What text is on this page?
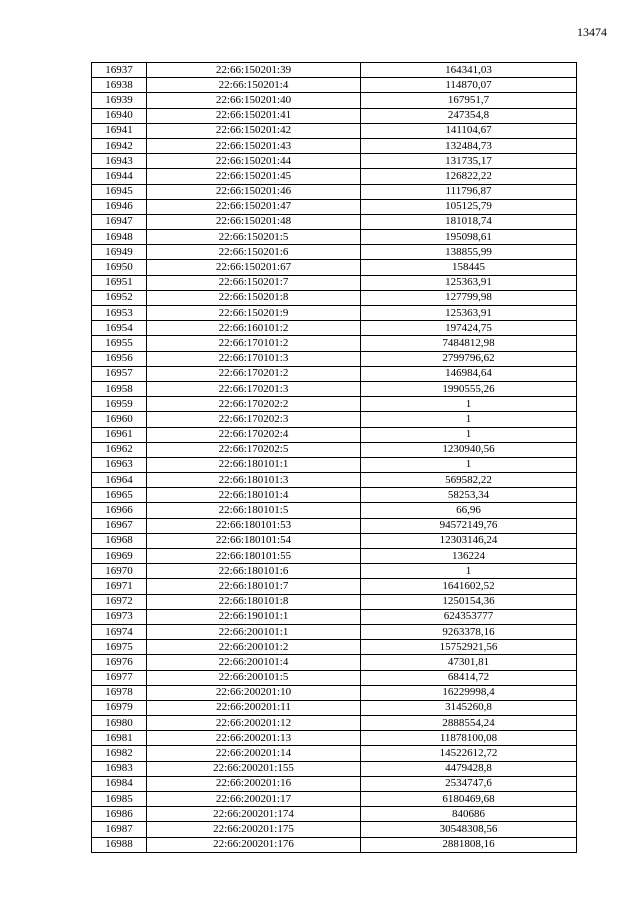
13474
16937	22:66:150201:39	164341,03
16938	22:66:150201:4	114870,07
16939	22:66:150201:40	167951,7
16940	22:66:150201:41	247354,8
16941	22:66:150201:42	141104,67
16942	22:66:150201:43	132484,73
16943	22:66:150201:44	131735,17
16944	22:66:150201:45	126822,22
16945	22:66:150201:46	111796,87
16946	22:66:150201:47	105125,79
16947	22:66:150201:48	181018,74
16948	22:66:150201:5	195098,61
16949	22:66:150201:6	138855,99
16950	22:66:150201:67	158445
16951	22:66:150201:7	125363,91
16952	22:66:150201:8	127799,98
16953	22:66:150201:9	125363,91
16954	22:66:160101:2	197424,75
16955	22:66:170101:2	7484812,98
16956	22:66:170101:3	2799796,62
16957	22:66:170201:2	146984,64
16958	22:66:170201:3	1990555,26
16959	22:66:170202:2	1
16960	22:66:170202:3	1
16961	22:66:170202:4	1
16962	22:66:170202:5	1230940,56
16963	22:66:180101:1	1
16964	22:66:180101:3	569582,22
16965	22:66:180101:4	58253,34
16966	22:66:180101:5	66,96
16967	22:66:180101:53	94572149,76
16968	22:66:180101:54	12303146,24
16969	22:66:180101:55	136224
16970	22:66:180101:6	1
16971	22:66:180101:7	1641602,52
16972	22:66:180101:8	1250154,36
16973	22:66:190101:1	624353777
16974	22:66:200101:1	9263378,16
16975	22:66:200101:2	15752921,56
16976	22:66:200101:4	47301,81
16977	22:66:200101:5	68414,72
16978	22:66:200201:10	16229998,4
16979	22:66:200201:11	3145260,8
16980	22:66:200201:12	2888554,24
16981	22:66:200201:13	11878100,08
16982	22:66:200201:14	14522612,72
16983	22:66:200201:155	4479428,8
16984	22:66:200201:16	2534747,6
16985	22:66:200201:17	6180469,68
16986	22:66:200201:174	840686
16987	22:66:200201:175	30548308,56
16988	22:66:200201:176	2881808,16
